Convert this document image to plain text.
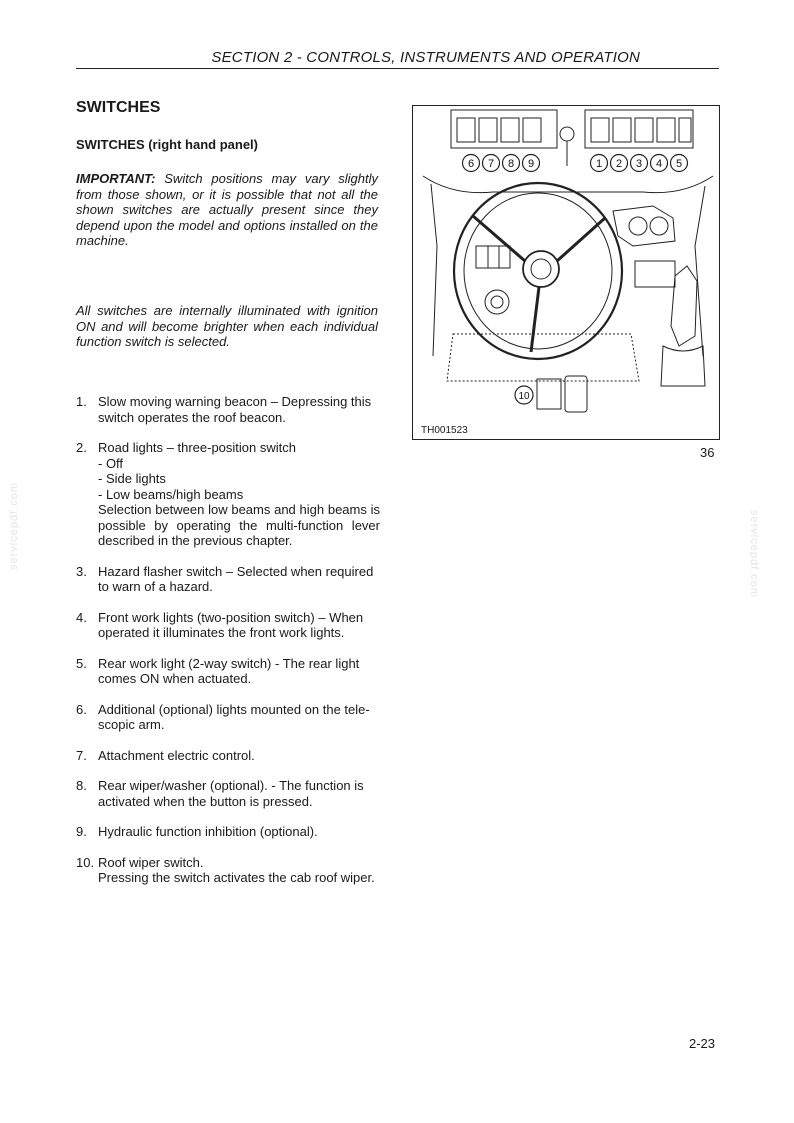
SECTION 2 - CONTROLS, INSTRUMENTS AND OPERATION
SWITCHES
SWITCHES (right hand panel)
IMPORTANT: Switch positions may vary slightly from those shown, or it is possible that not all the shown switches are actually present since they depend upon the model and options installed on the machine.
All switches are internally illuminated with ignition ON and will become brighter when each individual function switch is selected.
1. Slow moving warning beacon – Depressing this switch operates the roof beacon.
2. Road lights – three-position switch
- Off
- Side lights
- Low beams/high beams
Selection between low beams and high beams is possible by operating the multi-function lever described in the previous chapter.
3. Hazard flasher switch – Selected when required to warn of a hazard.
4. Front work lights (two-position switch) – When operated it illuminates the front work lights.
5. Rear work light (2-way switch) - The rear light comes ON when actuated.
6. Additional (optional) lights mounted on the tele-scopic arm.
7. Attachment electric control.
8. Rear wiper/washer (optional). - The function is activated when the button is pressed.
9. Hydraulic function inhibition (optional).
10. Roof wiper switch.
Pressing the switch activates the cab roof wiper.
6 7 8 9	1 2 3 4 5
10
TH001523
36
2-23
servicepdf.com	servicepdf.com
